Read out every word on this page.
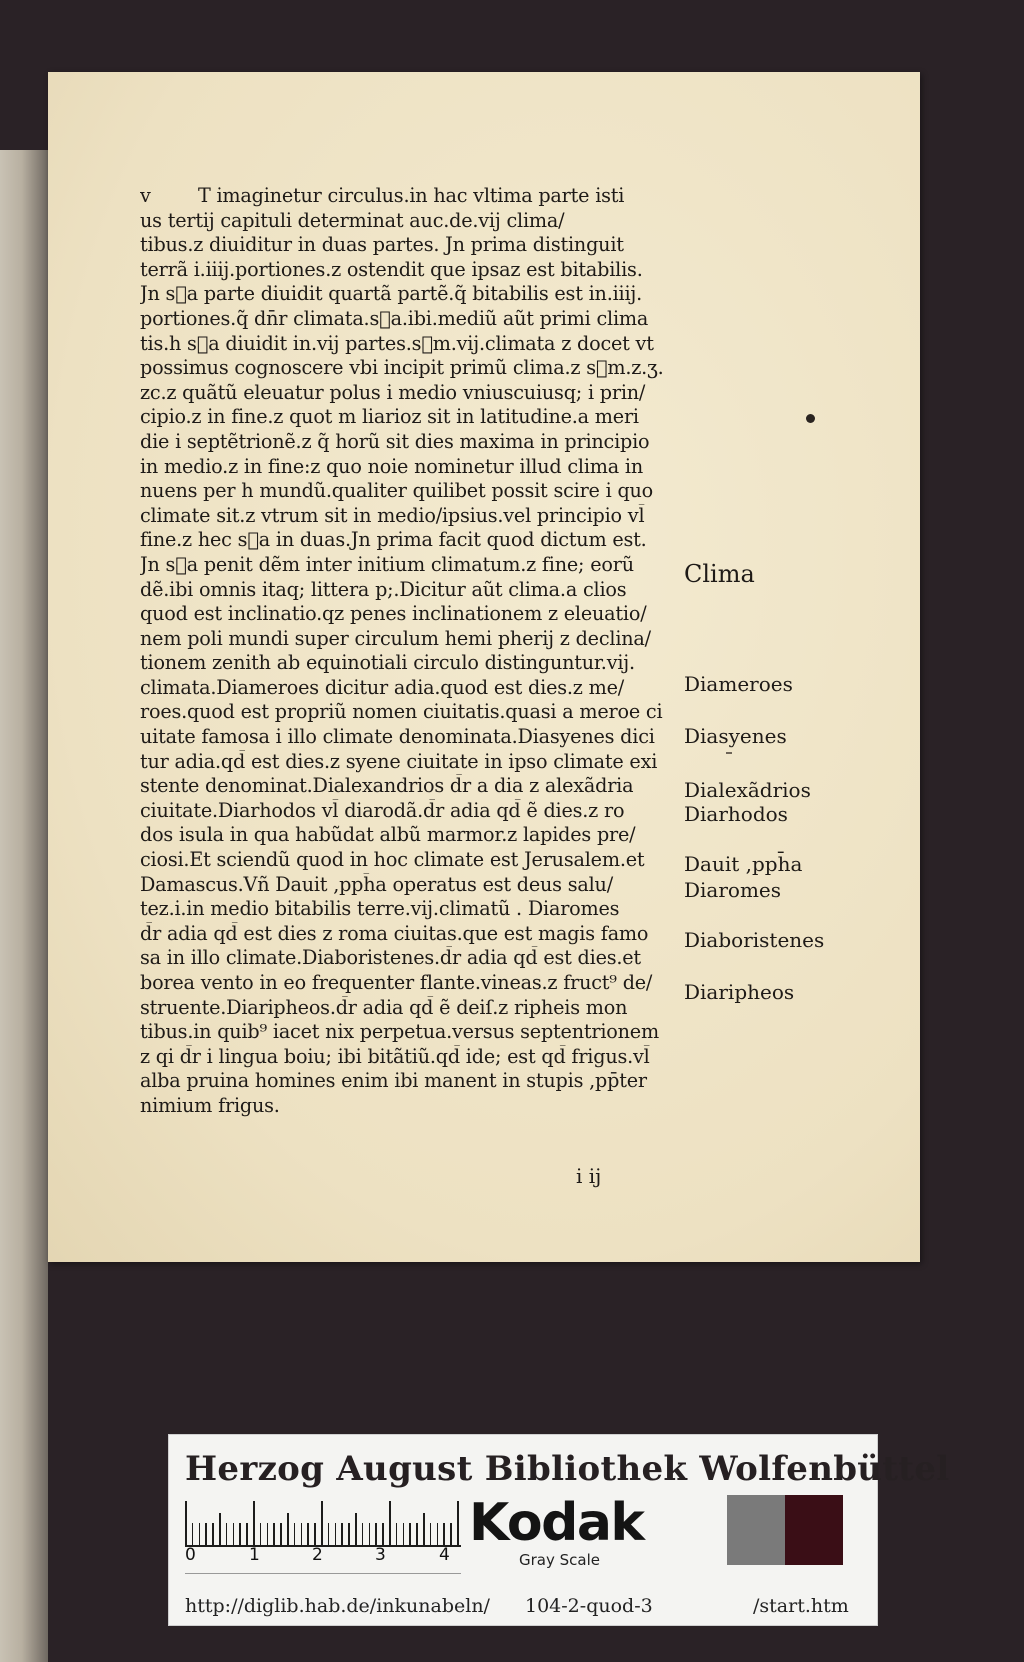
v T imaginetur circulus.in hac vltima parte isti
us tertij capituli determinat auc.de.vij clima/
tibus.z diuiditur in duas partes. Jn prima distinguit
terrã i.iiij.portiones.z ostendit que ipsaz est bitabilis.
Jn s᷑a parte diuidit quartã partẽ.q̃ bitabilis est in.iiij.
portiones.q̃ dn̄r climata.s᷑a.ibi.mediũ aũt primi clima
tis.h s᷑a diuidit in.vij partes.s᷑m.vij.climata z docet vt
possimus cognoscere vbi incipit primũ clima.z s᷑m.z.ʒ.
zc.z quãtũ eleuatur polus i medio vniuscuiusq; i prin/
cipio.z in fine.z quot m liarioz sit in latitudine.a meri
die i septẽtrionẽ.z q̃ horũ sit dies maxima in principio
in medio.z in fine:z quo noie nominetur illud clima in
nuens per h mundũ.qualiter quilibet possit scire i quo
climate sit.z vtrum sit in medio/ipsius.vel principio vl̄
fine.z hec s᷑a in duas.Jn prima facit quod dictum est.
Jn s᷑a penit dẽm inter initium climatum.z fine; eorũ
dẽ.ibi omnis itaq; littera p;.Dicitur aũt clima.a clios
quod est inclinatio.qz penes inclinationem z eleuatio/
nem poli mundi super circulum hemi pherij z declina/
tionem zenith ab equinotiali circulo distinguntur.vij.
climata.Diameroes dicitur adia.quod est dies.z me/
roes.quod est propriũ nomen ciuitatis.quasi a meroe ci
uitate famosa i illo climate denominata.Diasyenes dici
tur adia.qd̄ est dies.z syene ciuitate in ipso climate exi
stente denominat.Dialexandrios d̄r a dia z alexãdria
ciuitate.Diarhodos vl̄ diarodã.d̄r adia qd̄ ẽ dies.z ro
dos isula in qua habũdat albũ marmor.z lapides pre/
ciosi.Et sciendũ quod in hoc climate est Jerusalem.et
Damascus.Vñ Dauit ,pph̄a operatus est deus salu/
tez.i.in medio bitabilis terre.vij.climatũ . Diaromes
d̄r adia qd̄ est dies z roma ciuitas.que est magis famo
sa in illo climate.Diaboristenes.d̄r adia qd̄ est dies.et
borea vento in eo frequenter flante.vineas.z fruct⁹ de/
struente.Diaripheos.d̄r adia qd̄ ẽ deiſ.z ripheis mon
tibus.in quib⁹ iacet nix perpetua.versus septentrionem
z qi d̄r i lingua boiu; ibi bitãtiũ.qd̄ ide; est qd̄ frigus.vl̄
alba pruina homines enim ibi manent in stupis ,pp̄ter
nimium frigus.
Clima
Diameroes
Diasyenes
Dialexãdrios
Diarhodos
Dauit ,pph̄a
Diaromes
Diaboristenes
Diaripheos
i ij
Herzog August Bibliothek Wolfenbüttel
0	1	2	3	4
Kodak
Gray Scale
http://diglib.hab.de/inkunabeln/ 104-2-quod-3	/start.htm
